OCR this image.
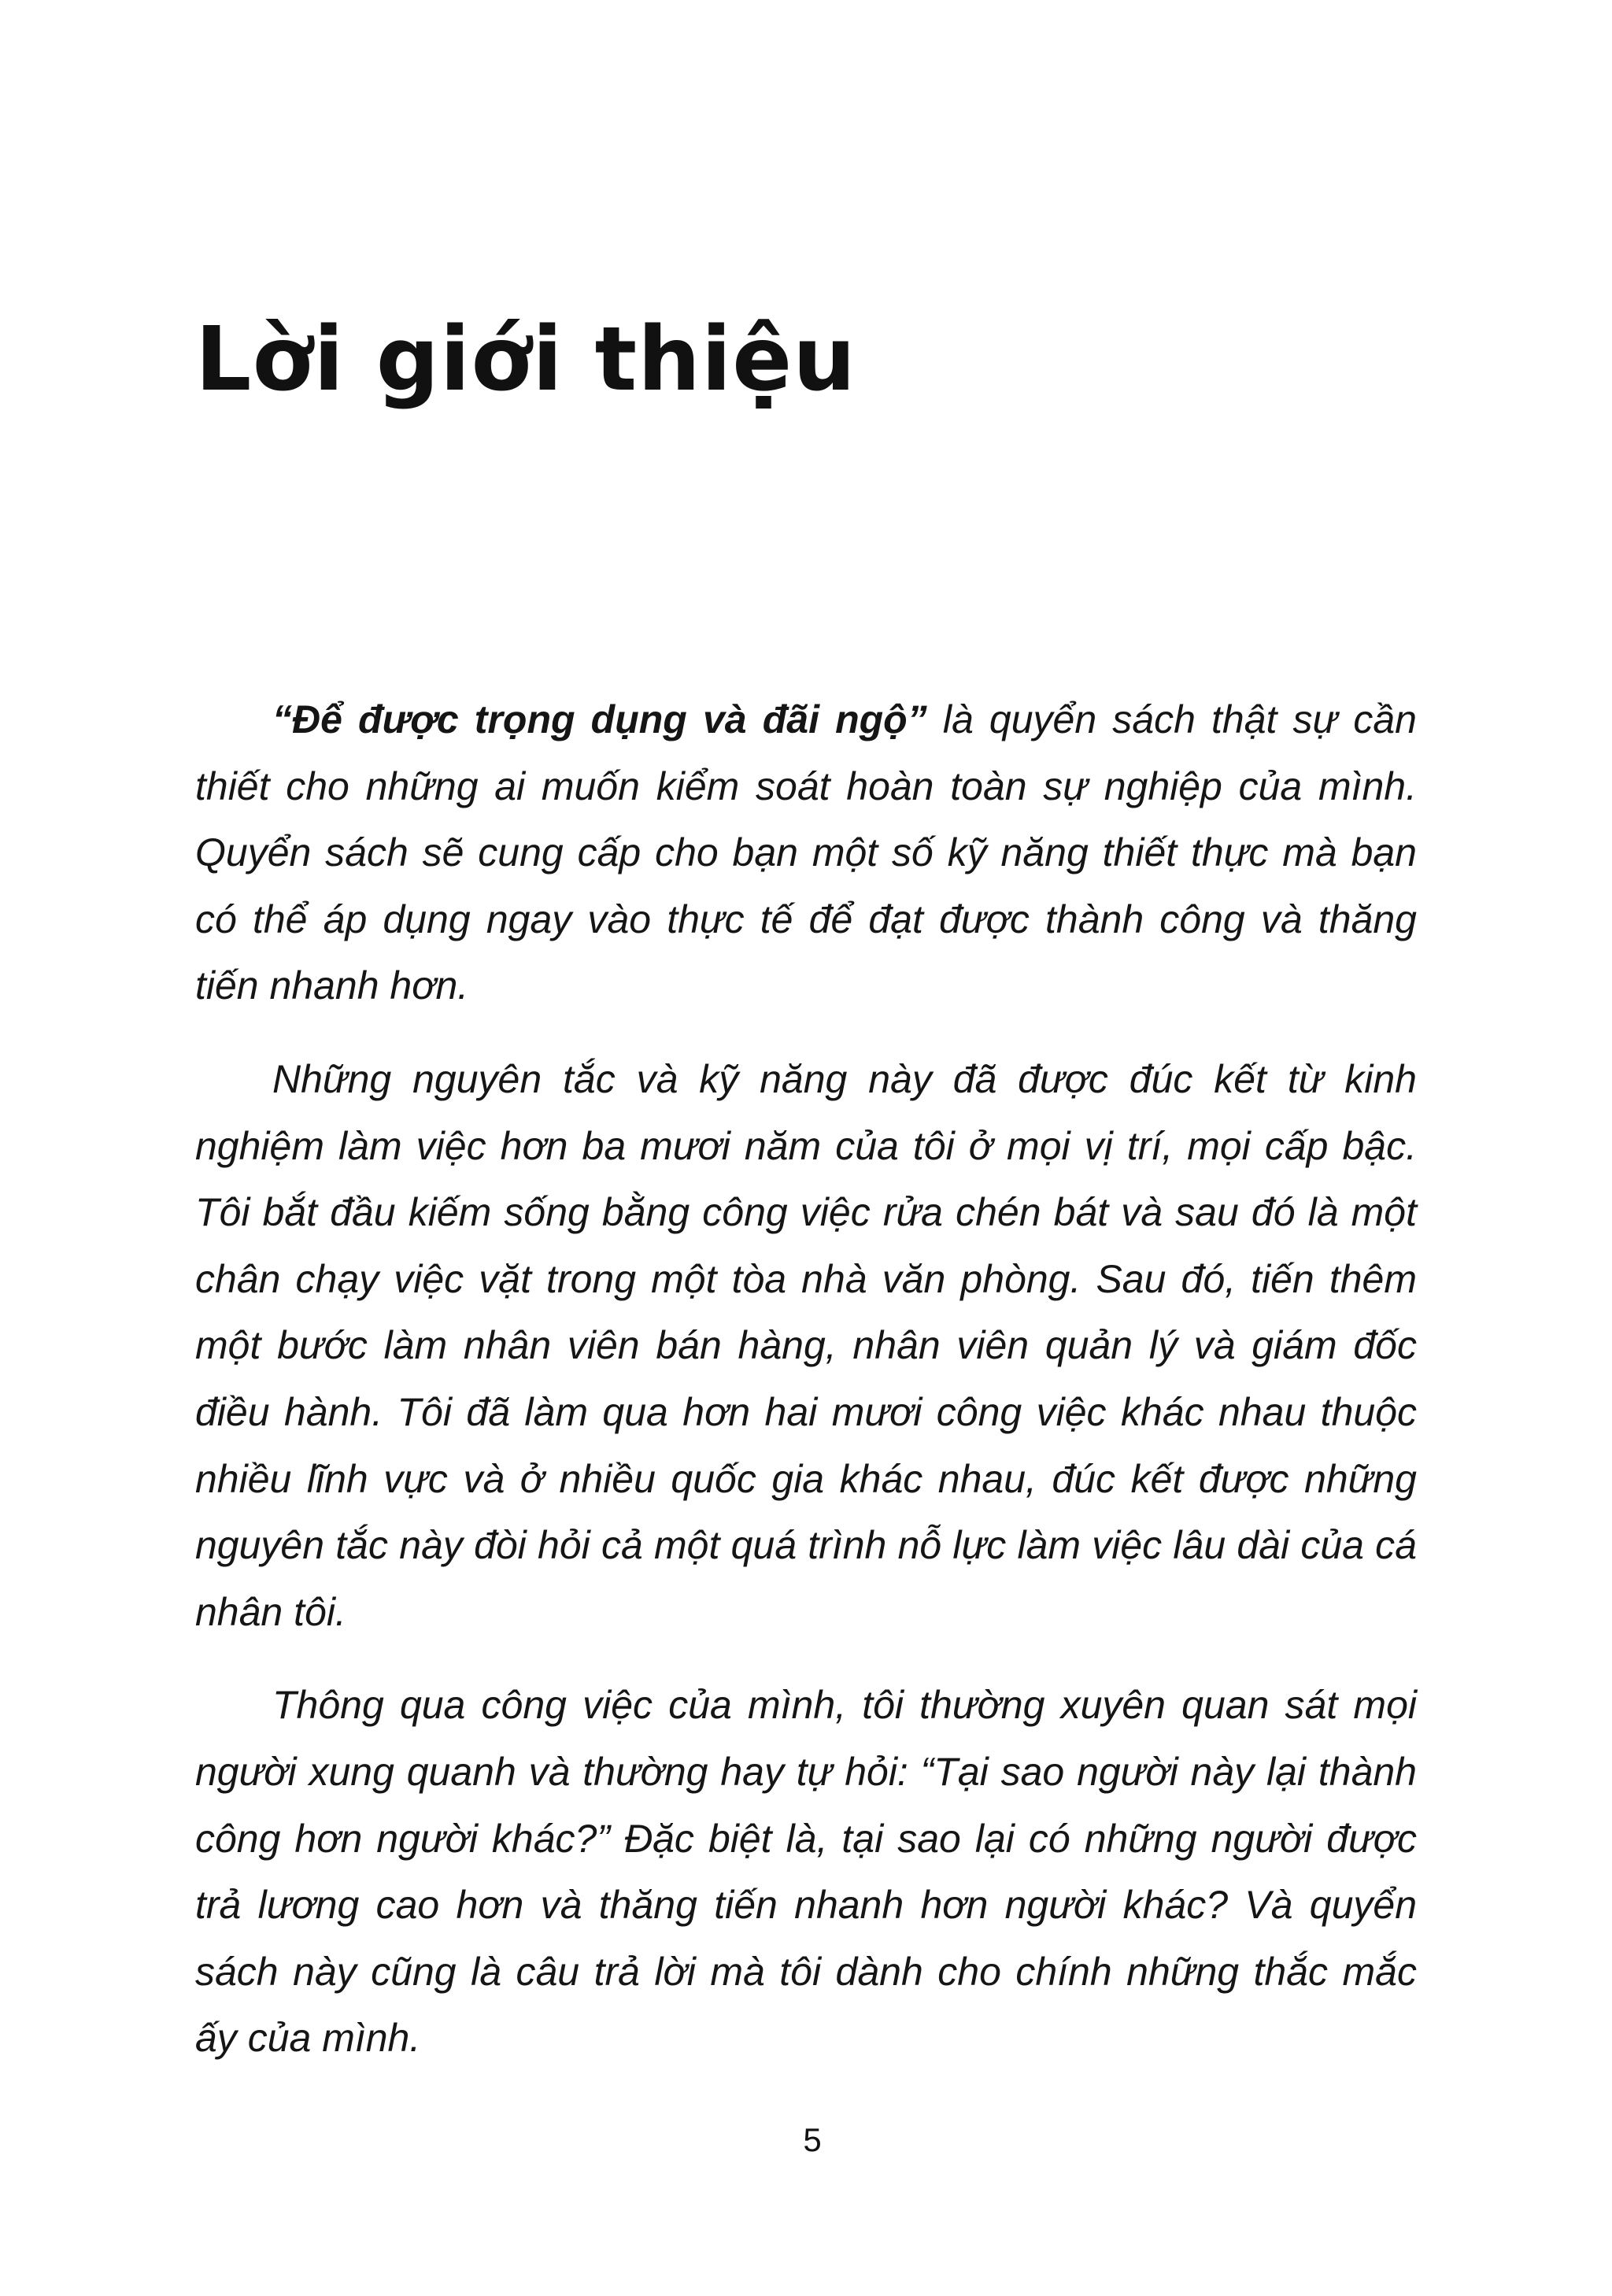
Lời giới thiệu

“Để được trọng dụng và đãi ngộ” là quyển sách thật sự cần thiết cho những ai muốn kiểm soát hoàn toàn sự nghiệp của mình. Quyển sách sẽ cung cấp cho bạn một số kỹ năng thiết thực mà bạn có thể áp dụng ngay vào thực tế để đạt được thành công và thăng tiến nhanh hơn.

Những nguyên tắc và kỹ năng này đã được đúc kết từ kinh nghiệm làm việc hơn ba mươi năm của tôi ở mọi vị trí, mọi cấp bậc. Tôi bắt đầu kiếm sống bằng công việc rửa chén bát và sau đó là một chân chạy việc vặt trong một tòa nhà văn phòng. Sau đó, tiến thêm một bước làm nhân viên bán hàng, nhân viên quản lý và giám đốc điều hành. Tôi đã làm qua hơn hai mươi công việc khác nhau thuộc nhiều lĩnh vực và ở nhiều quốc gia khác nhau, đúc kết được những nguyên tắc này đòi hỏi cả một quá trình nỗ lực làm việc lâu dài của cá nhân tôi.

Thông qua công việc của mình, tôi thường xuyên quan sát mọi người xung quanh và thường hay tự hỏi: “Tại sao người này lại thành công hơn người khác?” Đặc biệt là, tại sao lại có những người được trả lương cao hơn và thăng tiến nhanh hơn người khác? Và quyển sách này cũng là câu trả lời mà tôi dành cho chính những thắc mắc ấy của mình.

5
